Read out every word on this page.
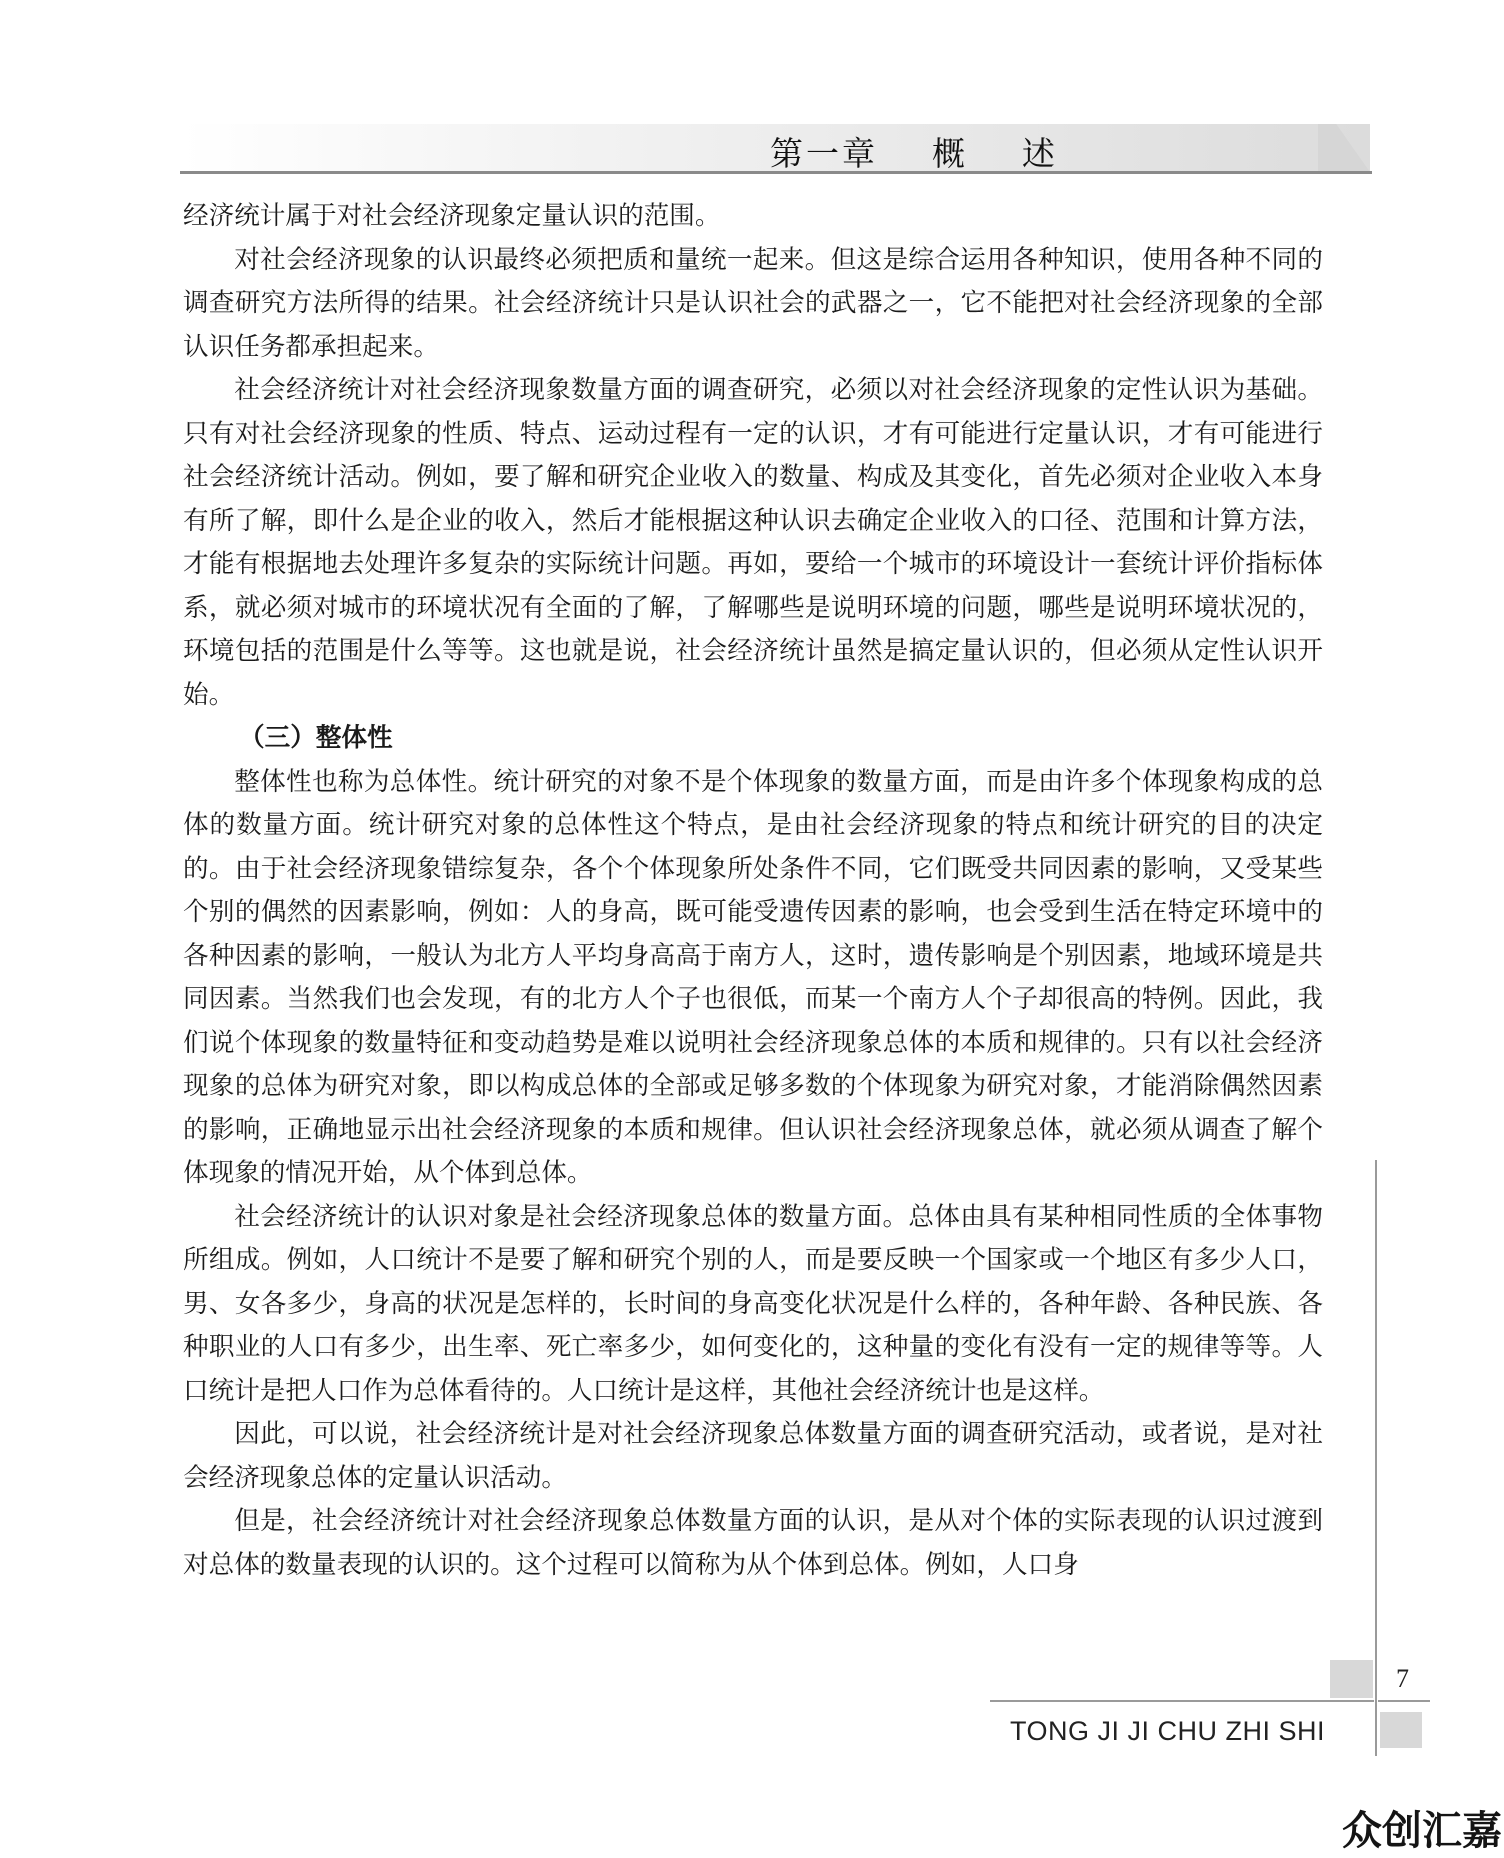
第一章    概    述

经济统计属于对社会经济现象定量认识的范围。

对社会经济现象的认识最终必须把质和量统一起来。但这是综合运用各种知识，使用各种不同的调查研究方法所得的结果。社会经济统计只是认识社会的武器之一，它不能把对社会经济现象的全部认识任务都承担起来。

社会经济统计对社会经济现象数量方面的调查研究，必须以对社会经济现象的定性认识为基础。只有对社会经济现象的性质、特点、运动过程有一定的认识，才有可能进行定量认识，才有可能进行社会经济统计活动。例如，要了解和研究企业收入的数量、构成及其变化，首先必须对企业收入本身有所了解，即什么是企业的收入，然后才能根据这种认识去确定企业收入的口径、范围和计算方法，才能有根据地去处理许多复杂的实际统计问题。再如，要给一个城市的环境设计一套统计评价指标体系，就必须对城市的环境状况有全面的了解，了解哪些是说明环境的问题，哪些是说明环境状况的，环境包括的范围是什么等等。这也就是说，社会经济统计虽然是搞定量认识的，但必须从定性认识开始。

（三）整体性

整体性也称为总体性。统计研究的对象不是个体现象的数量方面，而是由许多个体现象构成的总体的数量方面。统计研究对象的总体性这个特点，是由社会经济现象的特点和统计研究的目的决定的。由于社会经济现象错综复杂，各个个体现象所处条件不同，它们既受共同因素的影响，又受某些个别的偶然的因素影响，例如：人的身高，既可能受遗传因素的影响，也会受到生活在特定环境中的各种因素的影响，一般认为北方人平均身高高于南方人，这时，遗传影响是个别因素，地域环境是共同因素。当然我们也会发现，有的北方人个子也很低，而某一个南方人个子却很高的特例。因此，我们说个体现象的数量特征和变动趋势是难以说明社会经济现象总体的本质和规律的。只有以社会经济现象的总体为研究对象，即以构成总体的全部或足够多数的个体现象为研究对象，才能消除偶然因素的影响，正确地显示出社会经济现象的本质和规律。但认识社会经济现象总体，就必须从调查了解个体现象的情况开始，从个体到总体。

社会经济统计的认识对象是社会经济现象总体的数量方面。总体由具有某种相同性质的全体事物所组成。例如，人口统计不是要了解和研究个别的人，而是要反映一个国家或一个地区有多少人口，男、女各多少，身高的状况是怎样的，长时间的身高变化状况是什么样的，各种年龄、各种民族、各种职业的人口有多少，出生率、死亡率多少，如何变化的，这种量的变化有没有一定的规律等等。人口统计是把人口作为总体看待的。人口统计是这样，其他社会经济统计也是这样。

因此，可以说，社会经济统计是对社会经济现象总体数量方面的调查研究活动，或者说，是对社会经济现象总体的定量认识活动。

但是，社会经济统计对社会经济现象总体数量方面的认识，是从对个体的实际表现的认识过渡到对总体的数量表现的认识的。这个过程可以简称为从个体到总体。例如，人口身

7
TONG JI JI CHU ZHI SHI
众创汇嘉
